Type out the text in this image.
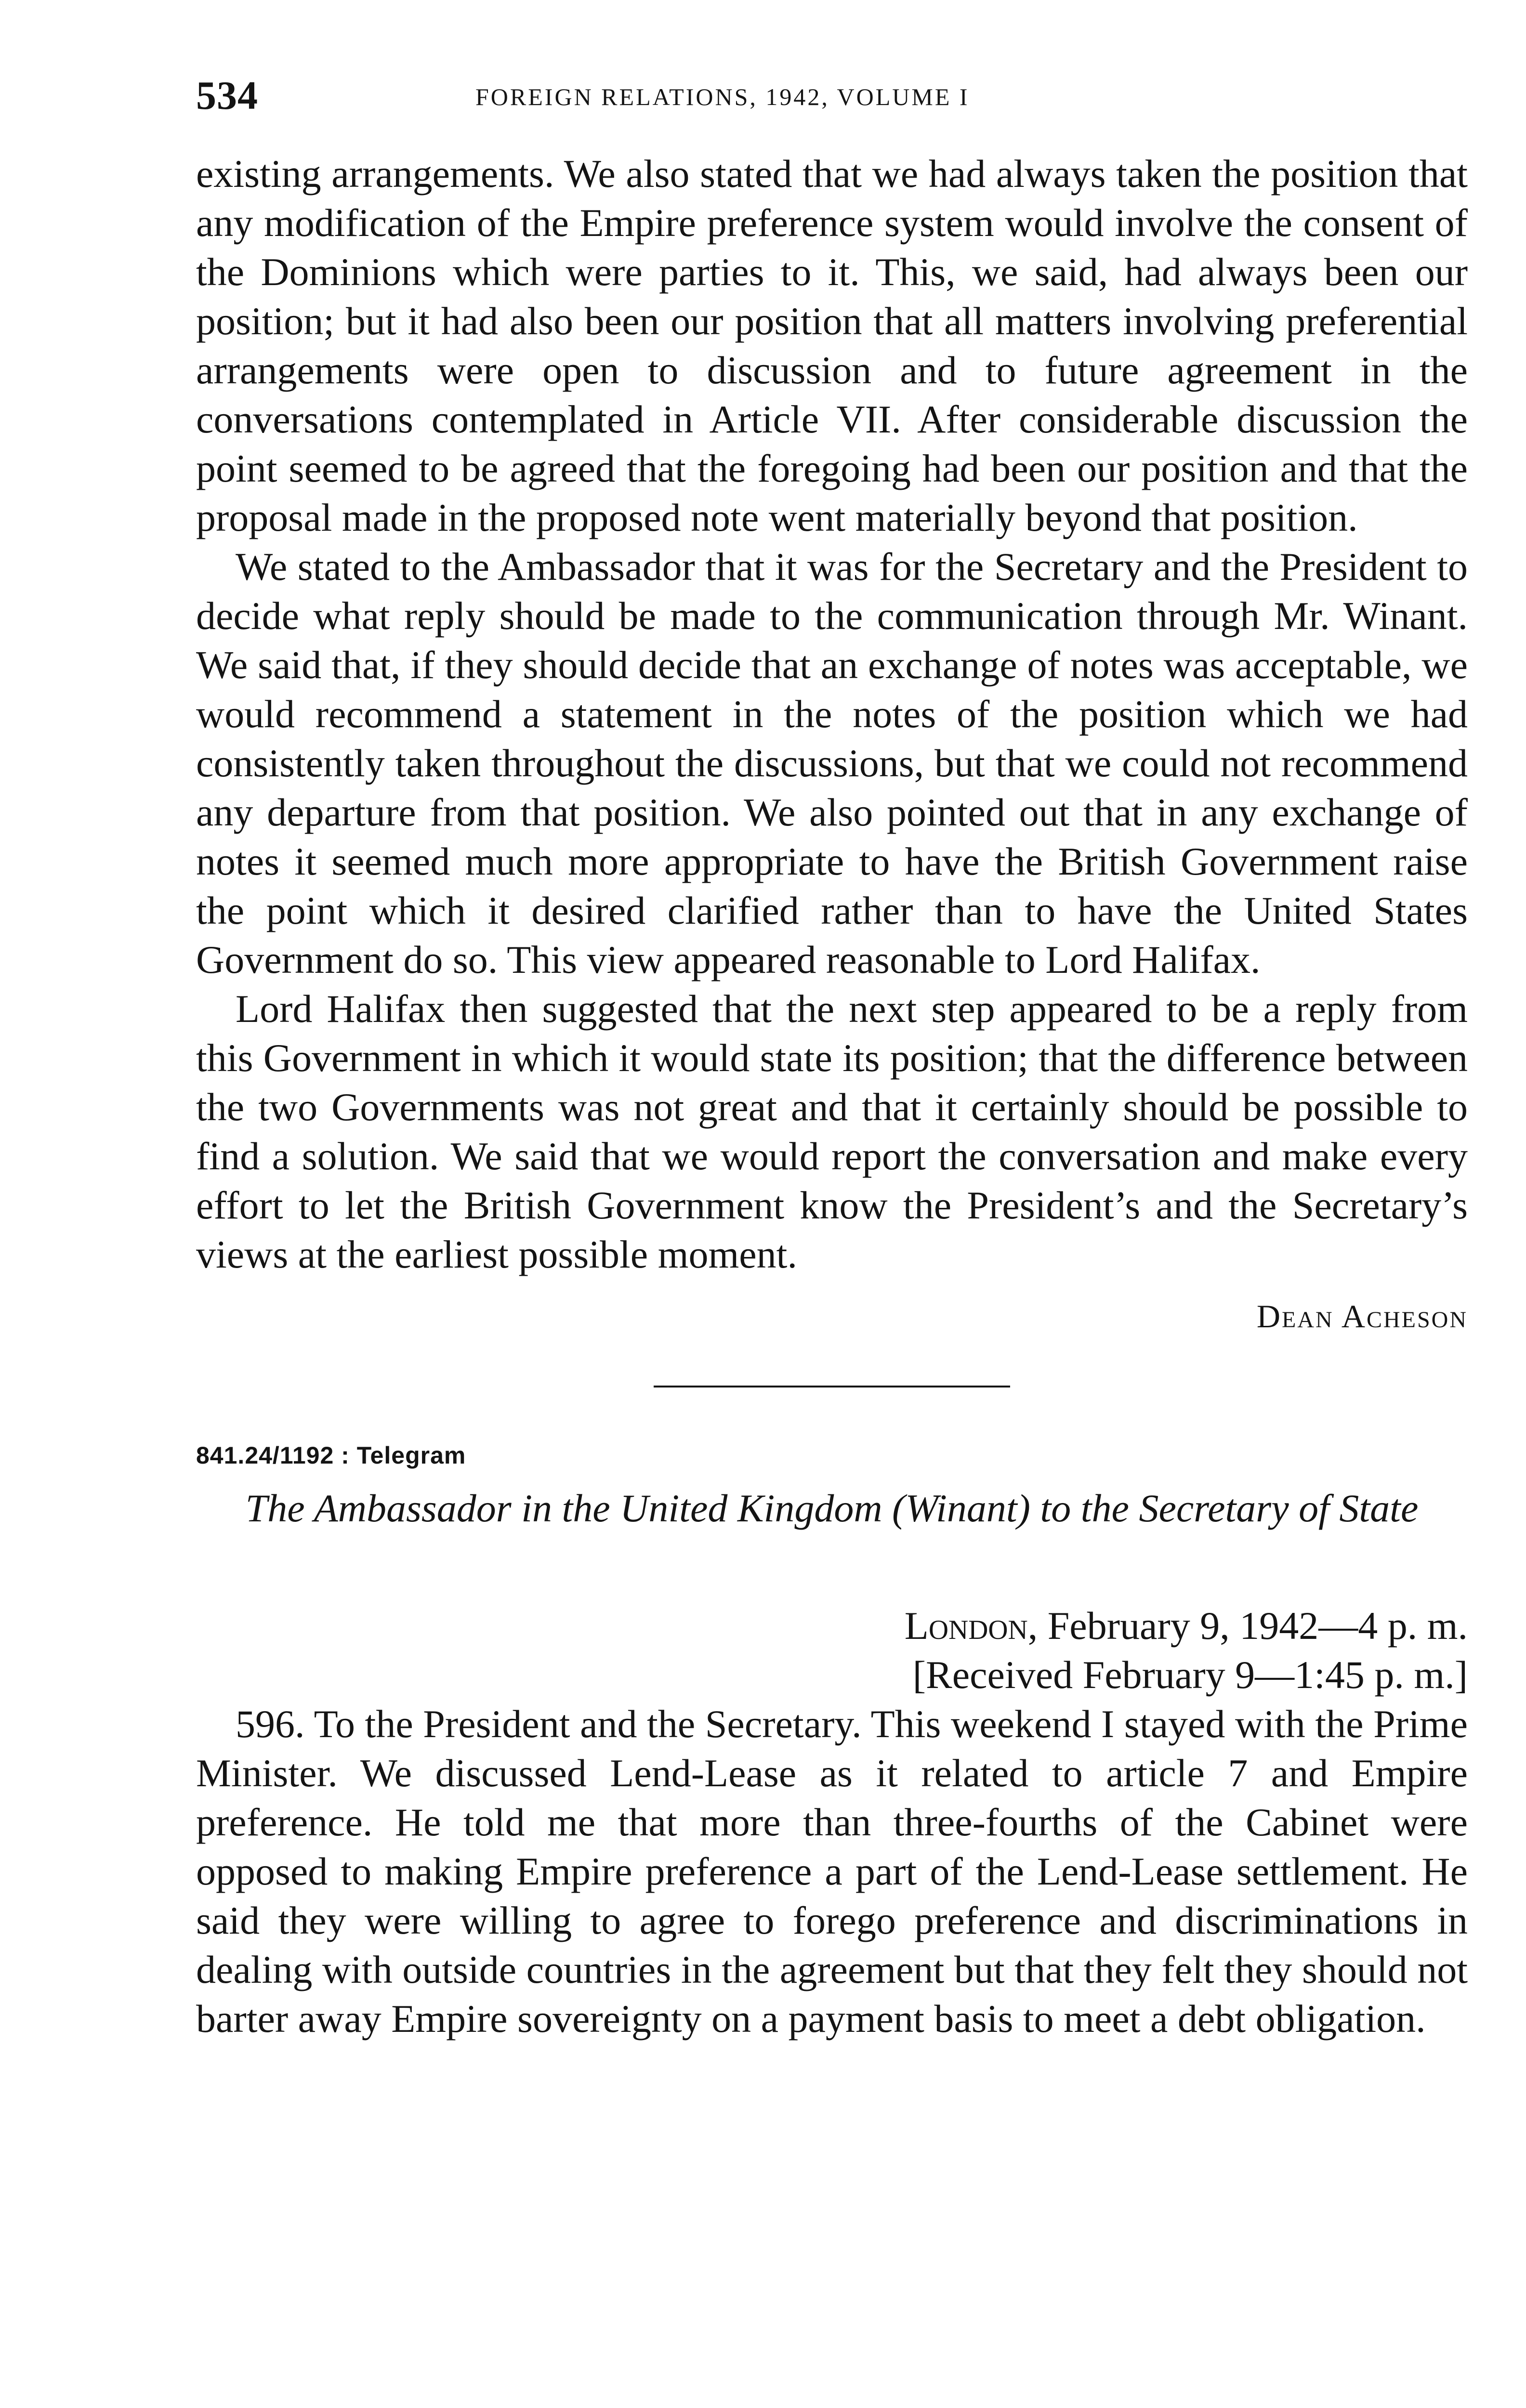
534	FOREIGN RELATIONS, 1942, VOLUME I

existing arrangements. We also stated that we had always taken the position that any modification of the Empire preference system would involve the consent of the Dominions which were parties to it. This, we said, had always been our position; but it had also been our position that all matters involving preferential arrangements were open to discussion and to future agreement in the conversations contemplated in Article VII. After considerable discussion the point seemed to be agreed that the foregoing had been our position and that the proposal made in the proposed note went materially beyond that position.

We stated to the Ambassador that it was for the Secretary and the President to decide what reply should be made to the communication through Mr. Winant. We said that, if they should decide that an exchange of notes was acceptable, we would recommend a statement in the notes of the position which we had consistently taken throughout the discussions, but that we could not recommend any departure from that position. We also pointed out that in any exchange of notes it seemed much more appropriate to have the British Government raise the point which it desired clarified rather than to have the United States Government do so. This view appeared reasonable to Lord Halifax.

Lord Halifax then suggested that the next step appeared to be a reply from this Government in which it would state its position; that the difference between the two Governments was not great and that it certainly should be possible to find a solution. We said that we would report the conversation and make every effort to let the British Government know the President’s and the Secretary’s views at the earliest possible moment.

Dean Acheson
841.24/1192 : Telegram

The Ambassador in the United Kingdom (Winant) to the Secretary of State

London, February 9, 1942—4 p. m.
[Received February 9—1:45 p. m.]

596. To the President and the Secretary. This weekend I stayed with the Prime Minister. We discussed Lend-Lease as it related to article 7 and Empire preference. He told me that more than three-fourths of the Cabinet were opposed to making Empire preference a part of the Lend-Lease settlement. He said they were willing to agree to forego preference and discriminations in dealing with outside countries in the agreement but that they felt they should not barter away Empire sovereignty on a payment basis to meet a debt obligation.
